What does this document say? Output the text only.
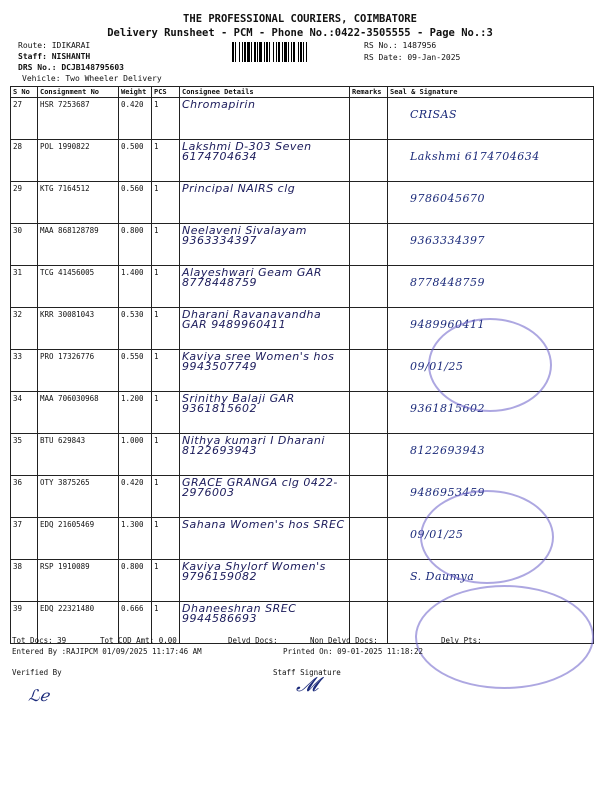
THE PROFESSIONAL COURIERS, COIMBATORE
Delivery Runsheet - PCM - Phone No.:0422-3505555 - Page No.:3
Route: IDIKARAI
Staff: NISHANTH
DRS No.: DCJB148795603
Vehicle: Two Wheeler Delivery
RS No.: 1487956
RS Date: 09-Jan-2025
S No	Consignment No	Weight	PCS	Consignee Details	Remarks	Seal & Signature
27	HSR 7253687	0.420	1	Chromapirin		CRISAS

28	POL 1990822	0.500	1	Lakshmi D-303 Seven 6174704634		Lakshmi 6174704634

29	KTG 7164512	0.560	1	Principal NAIRS clg		9786045670

30	MAA 868128789	0.800	1	Neelaveni Sivalayam 9363334397		9363334397

31	TCG 41456005	1.400	1	Alayeshwari Geam GAR 8778448759		8778448759

32	KRR 30081043	0.530	1	Dharani Ravanavandha GAR 9489960411		9489960411

33	PRO 17326776	0.550	1	Kaviya sree Women's hos 9943507749		09/01/25

34	MAA 706030968	1.200	1	Srinithy Balaji GAR 9361815602		9361815602

35	BTU 629843	1.000	1	Nithya kumari I Dharani 8122693943		8122693943

36	OTY 3875265	0.420	1	GRACE GRANGA clg 0422-2976003		9486953459

37	EDQ 21605469	1.300	1	Sahana Women's hos SREC		09/01/25

38	RSP 1910089	0.800	1	Kaviya Shylorf Women's 9796159082		S. Daumya

39	EDQ 22321480	0.666	1	Dhaneeshran SREC 9944586693		

Tot Docs: 39	Tot COD Amt: 0.00	Delvd Docs:	Non Delvd Docs:	Delv Pts:
Entered By :RAJIPCM 01/09/2025 11:17:46 AM	Printed On: 09-01-2025 11:18:22
Verified By	Staff Signature
ℒℯ	𝓜
